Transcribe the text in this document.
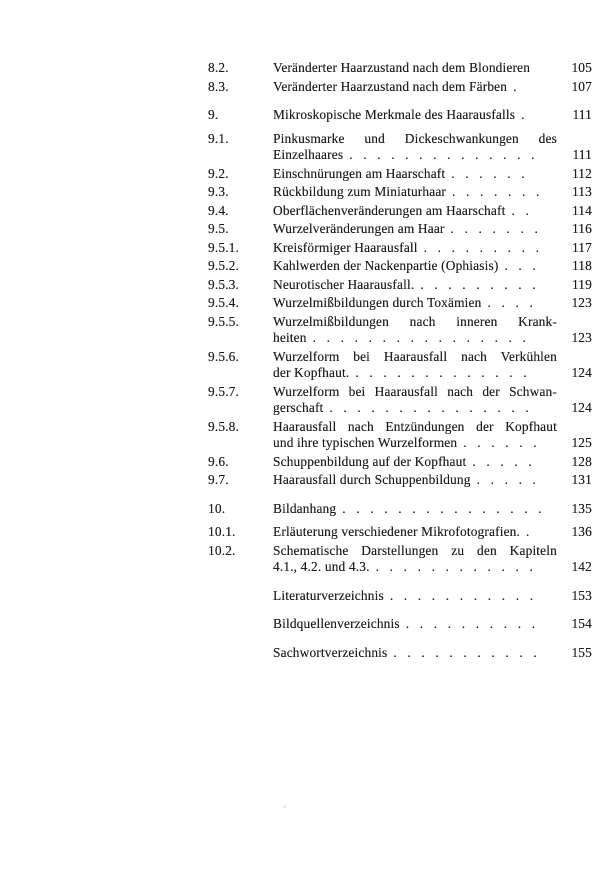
8.2.	Veränderter Haarzustand nach dem Blondieren	105
8.3.	Veränderter Haarzustand nach dem Färben .	107
9.	Mikroskopische Merkmale des Haarausfalls .	111
9.1.	Pinkusmarke und Dickeschwankungen des
Einzelhaares . . . . . . . . . . . . . .	111
9.2.	Einschnürungen am Haarschaft . . . . . .	112
9.3.	Rückbildung zum Miniaturhaar . . . . . . .	113
9.4.	Oberflächenveränderungen am Haarschaft . .	114
9.5.	Wurzelveränderungen am Haar . . . . . . .	116
9.5.1.	Kreisförmiger Haarausfall . . . . . . . . .	117
9.5.2.	Kahlwerden der Nackenpartie (Ophiasis) . . .	118
9.5.3.	Neurotischer Haarausfall. . . . . . . . . .	119
9.5.4.	Wurzelmißbildungen durch Toxämien . . . .	123
9.5.5.	Wurzelmißbildungen nach inneren Krank-
heiten . . . . . . . . . . . . . . . .	123
9.5.6.	Wurzelform bei Haarausfall nach Verkühlen
der Kopfhaut. . . . . . . . . . . . . .	124
9.5.7.	Wurzelform bei Haarausfall nach der Schwan-
gerschaft . . . . . . . . . . . . . . .	124
9.5.8.	Haarausfall nach Entzündungen der Kopfhaut
und ihre typischen Wurzelformen . . . . . .	125
9.6.	Schuppenbildung auf der Kopfhaut . . . . .	128
9.7.	Haarausfall durch Schuppenbildung . . . . .	131
10.	Bildanhang . . . . . . . . . . . . . . .	135
10.1.	Erläuterung verschiedener Mikrofotografien. .	136
10.2.	Schematische Darstellungen zu den Kapiteln
4.1., 4.2. und 4.3. . . . . . . . . . . . .	142
Literaturverzeichnis . . . . . . . . . . .	153
Bildquellenverzeichnis . . . . . . . . . .	154
Sachwortverzeichnis . . . . . . . . . . .	155
